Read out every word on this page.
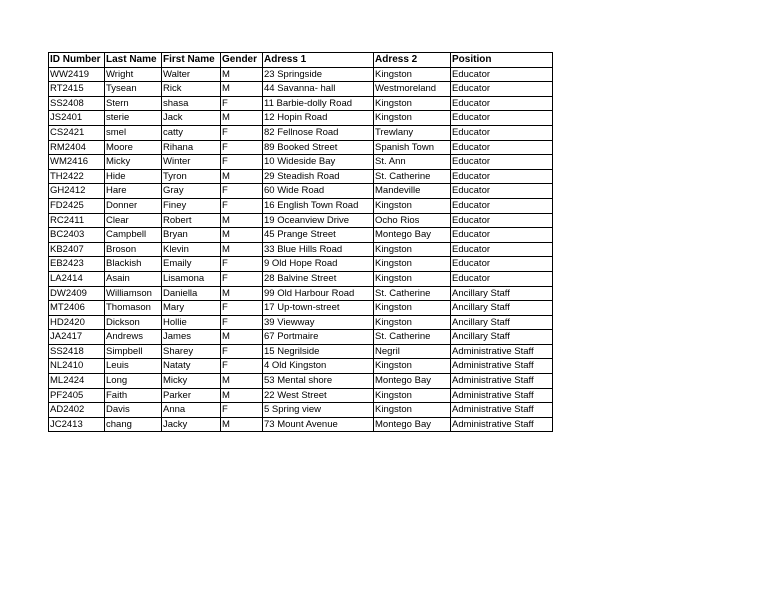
ID Number	Last Name	First Name	Gender	Adress 1	Adress 2	Position
WW2419	Wright	Walter	M	23 Springside	Kingston	Educator
RT2415	Tysean	Rick	M	44 Savanna- hall	Westmoreland	Educator
SS2408	Stern	shasa	F	11 Barbie-dolly Road	Kingston	Educator
JS2401	sterie	Jack	M	12 Hopin Road	Kingston	Educator
CS2421	smel	catty	F	82 Fellnose Road	Trewlany	Educator
RM2404	Moore	Rihana	F	89 Booked Street	Spanish Town	Educator
WM2416	Micky	Winter	F	10 Wideside Bay	St. Ann	Educator
TH2422	Hide	Tyron	M	29 Steadish Road	St. Catherine	Educator
GH2412	Hare	Gray	F	60 Wide Road	Mandeville	Educator
FD2425	Donner	Finey	F	16 English Town Road	Kingston	Educator
RC2411	Clear	Robert	M	19 Oceanview Drive	Ocho Rios	Educator
BC2403	Campbell	Bryan	M	45 Prange Street	Montego Bay	Educator
KB2407	Broson	Klevin	M	33 Blue Hills Road	Kingston	Educator
EB2423	Blackish	Emaily	F	9 Old Hope Road	Kingston	Educator
LA2414	Asain	Lisamona	F	28 Balvine Street	Kingston	Educator
DW2409	Williamson	Daniella	M	99 Old Harbour Road	St. Catherine	Ancillary Staff
MT2406	Thomason	Mary	F	17 Up-town-street	Kingston	Ancillary Staff
HD2420	Dickson	Hollie	F	39 Viewway	Kingston	Ancillary Staff
JA2417	Andrews	James	M	67 Portmaire	St. Catherine	Ancillary Staff
SS2418	Simpbell	Sharey	F	15 Negrilside	Negril	Administrative Staff
NL2410	Leuis	Nataty	F	4 Old Kingston	Kingston	Administrative Staff
ML2424	Long	Micky	M	53 Mental shore	Montego Bay	Administrative Staff
PF2405	Faith	Parker	M	22 West Street	Kingston	Administrative Staff
AD2402	Davis	Anna	F	5 Spring view	Kingston	Administrative Staff
JC2413	chang	Jacky	M	73 Mount Avenue	Montego Bay	Administrative Staff
